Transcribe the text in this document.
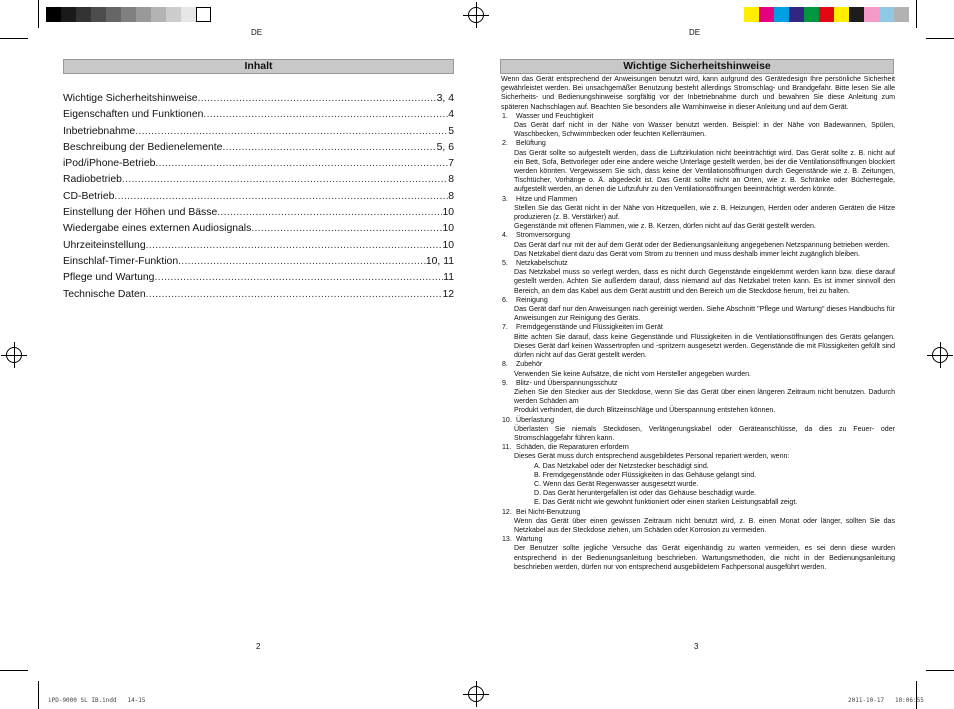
DE
Inhalt
Wichtige Sicherheitshinweise .....	3, 4
Eigenschaften und Funktionen .....	4
Inbetriebnahme .....	5
Beschreibung der Bedienelemente .....	5, 6
iPod/iPhone-Betrieb .....	7
Radiobetrieb .....	8
CD-Betrieb .....	8
Einstellung der Höhen und Bässe .....	10
Wiedergabe eines externen Audiosignals .....	10
Uhrzeiteinstellung .....	10
Einschlaf-Timer-Funktion .....	10, 11
Pflege und Wartung .....	11
Technische Daten .....	12
2
DE
Wichtige Sicherheitshinweise

Wenn das Gerät entsprechend der Anweisungen benutzt wird, kann aufgrund des Gerätedesign Ihre persönliche Sicherheit gewährleistet werden. Bei unsachgemäßer Benutzung besteht allerdings Stromschlag- und Brandgefahr. Bitte lesen Sie alle Sicherheits- und Bedienungshinweise sorgfältig vor der Inbetriebnahme durch und bewahren Sie diese Anleitung zum späteren Nachschlagen auf. Beachten Sie besonders alle Warnhinweise in dieser Anleitung und auf dem Gerät.

1.	Wasser und Feuchtigkeit

Das Gerät darf nicht in der Nähe von Wasser benutzt werden. Beispiel: in der Nähe von Badewannen, Spülen, Waschbecken, Schwimmbecken oder feuchten Kellerräumen.

2.	Belüftung

Das Gerät sollte so aufgestellt werden, dass die Luftzirkulation nicht beeinträchtigt wird. Das Gerät sollte z. B. nicht auf ein Bett, Sofa, Bettvorleger oder eine andere weiche Unterlage gestellt werden, bei der die Ventilationsöffnungen blockiert werden könnten. Vergewissern Sie sich, dass keine der Ventilationsöffnungen durch Gegenstände wie z. B. Zeitungen, Tischtücher, Vorhänge o. Ä. abgedeckt ist. Das Gerät sollte nicht an Orten, wie z. B. Schränke oder Bücherregale, aufgestellt werden, an denen die Luftzufuhr zu den Ventilationsöffnungen beeinträchtigt werden könnte.

3.	Hitze und Flammen

Stellen Sie das Gerät nicht in der Nähe von Hitzequellen, wie z. B. Heizungen, Herden oder anderen Geräten die Hitze produzieren (z. B. Verstärker) auf.

Gegenstände mit offenen Flammen, wie z. B. Kerzen, dürfen nicht auf das Gerät gestellt werden.

4.	Stromversorgung

Das Gerät darf nur mit der auf dem Gerät oder der Bedienungsanleitung angegebenen Netzspannung betrieben werden.

Das Netzkabel dient dazu das Gerät vom Strom zu trennen und muss deshalb immer leicht zugänglich bleiben.

5.	Netzkabelschutz

Das Netzkabel muss so verlegt werden, dass es nicht durch Gegenstände eingeklemmt werden kann bzw. diese darauf gestellt werden. Achten Sie außerdem darauf, dass niemand auf das Netzkabel treten kann. Es ist immer sinnvoll den Bereich, an dem das Kabel aus dem Gerät austritt und den Bereich um die Steckdose herum, frei zu halten.

6.	Reinigung

Das Gerät darf nur den Anweisungen nach gereinigt werden. Siehe Abschnitt "Pflege und Wartung" dieses Handbuchs für Anweisungen zur Reinigung des Geräts.

7.	Fremdgegenstände und Flüssigkeiten im Gerät

Bitte achten Sie darauf, dass keine Gegenstände und Flüssigkeiten in die Ventilationsöffnungen des Geräts gelangen. Dieses Gerät darf keinen Wassertropfen und -spritzern ausgesetzt werden. Gegenstände die mit Flüssigkeiten gefüllt sind dürfen nicht auf das Gerät gestellt werden.

8.	Zubehör

Verwenden Sie keine Aufsätze, die nicht vom Hersteller angegeben wurden.

9.	Blitz- und Überspannungsschutz

Ziehen Sie den Stecker aus der Steckdose, wenn Sie das Gerät über einen längeren Zeitraum nicht benutzen. Dadurch werden Schäden am

Produkt verhindert, die durch Blitzeinschläge und Überspannung entstehen können.

10. Überlastung

Überlasten Sie niemals Steckdosen, Verlängerungskabel oder Geräteanschlüsse, da dies zu Feuer- oder Stromschlaggefahr führen kann.

11. Schäden, die Reparaturen erfordern

Dieses Gerät muss durch entsprechend ausgebildetes Personal repariert werden, wenn:

A. Das Netzkabel oder der Netzstecker beschädigt sind.
B. Fremdgegenstände oder Flüssigkeiten in das Gehäuse gelangt sind.
C. Wenn das Gerät Regenwasser ausgesetzt wurde.
D. Das Gerät heruntergefallen ist oder das Gehäuse beschädigt wurde.
E. Das Gerät nicht wie gewohnt funktioniert oder einen starken Leistungsabfall zeigt.
12. Bei Nicht-Benutzung

Wenn das Gerät über einen gewissen Zeitraum nicht benutzt wird, z. B. einen Monat oder länger, sollten Sie das Netzkabel aus der Steckdose ziehen, um Schäden oder Korrosion zu vermeiden.

13. Wartung

Der Benutzer sollte jegliche Versuche das Gerät eigenhändig zu warten vermeiden, es sei denn diese wurden entsprechend in der Bedienungsanleitung beschrieben. Wartungsmethoden, die nicht in der Bedienungsanleitung beschrieben werden, dürfen nur von entsprechend ausgebildetem Fachpersonal ausgeführt werden.

3
iPD-9000 SL IB.indd   14-15	2011-10-17   10:06:55
